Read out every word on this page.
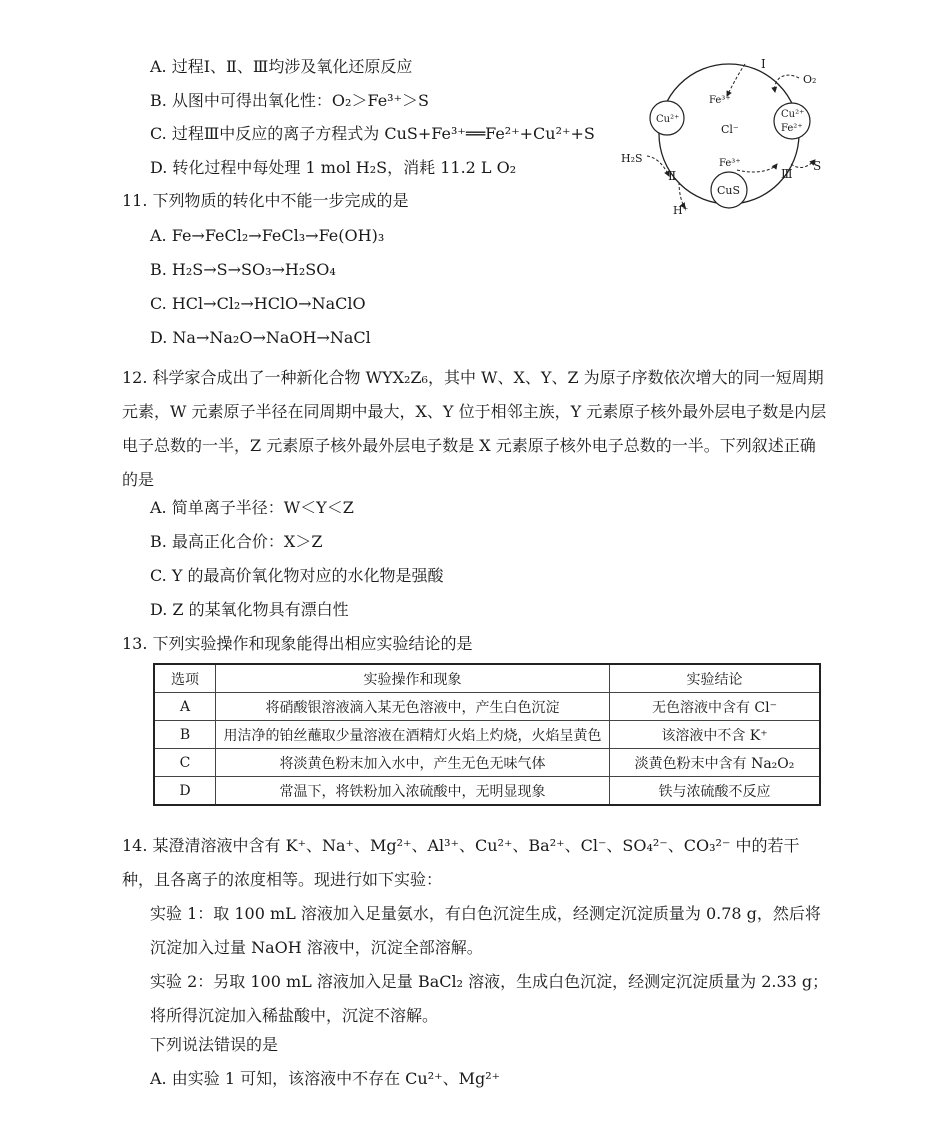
A. 过程Ⅰ、Ⅱ、Ⅲ均涉及氧化还原反应
B. 从图中可得出氧化性：O₂＞Fe³⁺＞S
C. 过程Ⅲ中反应的离子方程式为 CuS+Fe³⁺══Fe²⁺+Cu²⁺+S
D. 转化过程中每处理 1 mol H₂S，消耗 11.2 L O₂
Cu²⁺	Cu²⁺
Fe²⁺
CuS
Fe³⁺
Cl⁻
Fe³⁺
Ⅰ
O₂
H₂S
Ⅱ
H⁺
Ⅲ
S
11. 下列物质的转化中不能一步完成的是
A. Fe→FeCl₂→FeCl₃→Fe(OH)₃
B. H₂S→S→SO₃→H₂SO₄
C. HCl→Cl₂→HClO→NaClO
D. Na→Na₂O→NaOH→NaCl
12. 科学家合成出了一种新化合物 WYX₂Z₆，其中 W、X、Y、Z 为原子序数依次增大的同一短周期元素，W 元素原子半径在同周期中最大，X、Y 位于相邻主族，Y 元素原子核外最外层电子数是内层电子总数的一半，Z 元素原子核外最外层电子数是 X 元素原子核外电子总数的一半。下列叙述正确的是
A. 简单离子半径：W＜Y＜Z
B. 最高正化合价：X＞Z
C. Y 的最高价氧化物对应的水化物是强酸
D. Z 的某氧化物具有漂白性
13. 下列实验操作和现象能得出相应实验结论的是
选项	实验操作和现象	实验结论
A	将硝酸银溶液滴入某无色溶液中，产生白色沉淀	无色溶液中含有 Cl⁻
B	用洁净的铂丝蘸取少量溶液在酒精灯火焰上灼烧，火焰呈黄色	该溶液中不含 K⁺
C	将淡黄色粉末加入水中，产生无色无味气体	淡黄色粉末中含有 Na₂O₂
D	常温下，将铁粉加入浓硫酸中，无明显现象	铁与浓硫酸不反应
14. 某澄清溶液中含有 K⁺、Na⁺、Mg²⁺、Al³⁺、Cu²⁺、Ba²⁺、Cl⁻、SO₄²⁻、CO₃²⁻ 中的若干种，且各离子的浓度相等。现进行如下实验：
实验 1：取 100 mL 溶液加入足量氨水，有白色沉淀生成，经测定沉淀质量为 0.78 g，然后将沉淀加入过量 NaOH 溶液中，沉淀全部溶解。
实验 2：另取 100 mL 溶液加入足量 BaCl₂ 溶液，生成白色沉淀，经测定沉淀质量为 2.33 g；将所得沉淀加入稀盐酸中，沉淀不溶解。
下列说法错误的是
A. 由实验 1 可知，该溶液中不存在 Cu²⁺、Mg²⁺
